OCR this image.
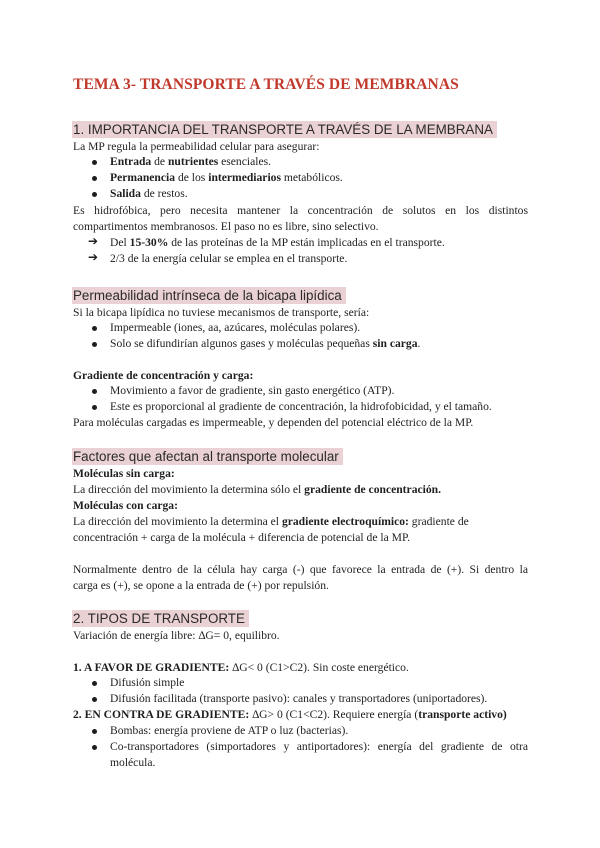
TEMA 3- TRANSPORTE A TRAVÉS DE MEMBRANAS
1. IMPORTANCIA DEL TRANSPORTE A TRAVÉS DE LA MEMBRANA
La MP regula la permeabilidad celular para asegurar:
Entrada de nutrientes esenciales.
Permanencia de los intermediarios metabólicos.
Salida de restos.
Es hidrofóbica, pero necesita mantener la concentración de solutos en los distintos
compartimentos membranosos. El paso no es libre, sino selectivo.
➔ Del 15-30% de las proteínas de la MP están implicadas en el transporte.
➔ 2/3 de la energía celular se emplea en el transporte.
Permeabilidad intrínseca de la bicapa lipídica
Si la bicapa lipídica no tuviese mecanismos de transporte, sería:
Impermeable (iones, aa, azúcares, moléculas polares).
Solo se difundirían algunos gases y moléculas pequeñas sin carga.
Gradiente de concentración y carga:
Movimiento a favor de gradiente, sin gasto energético (ATP).
Este es proporcional al gradiente de concentración, la hidrofobicidad, y el tamaño.
Para moléculas cargadas es impermeable, y dependen del potencial eléctrico de la MP.
Factores que afectan al transporte molecular
Moléculas sin carga:
La dirección del movimiento la determina sólo el gradiente de concentración.
Moléculas con carga:
La dirección del movimiento la determina el gradiente electroquímico: gradiente de
concentración + carga de la molécula + diferencia de potencial de la MP.
Normalmente dentro de la célula hay carga (-) que favorece la entrada de (+). Si dentro la
carga es (+), se opone a la entrada de (+) por repulsión.
2. TIPOS DE TRANSPORTE
Variación de energía libre: ∆G= 0, equilibro.
1. A FAVOR DE GRADIENTE: ∆G< 0 (C1>C2). Sin coste energético.
Difusión simple
Difusión facilitada (transporte pasivo): canales y transportadores (uniportadores).
2. EN CONTRA DE GRADIENTE: ∆G> 0 (C1<C2). Requiere energía (transporte activo)
Bombas: energía proviene de ATP o luz (bacterias).
Co-transportadores (simportadores y antiportadores): energía del gradiente de otra
molécula.
